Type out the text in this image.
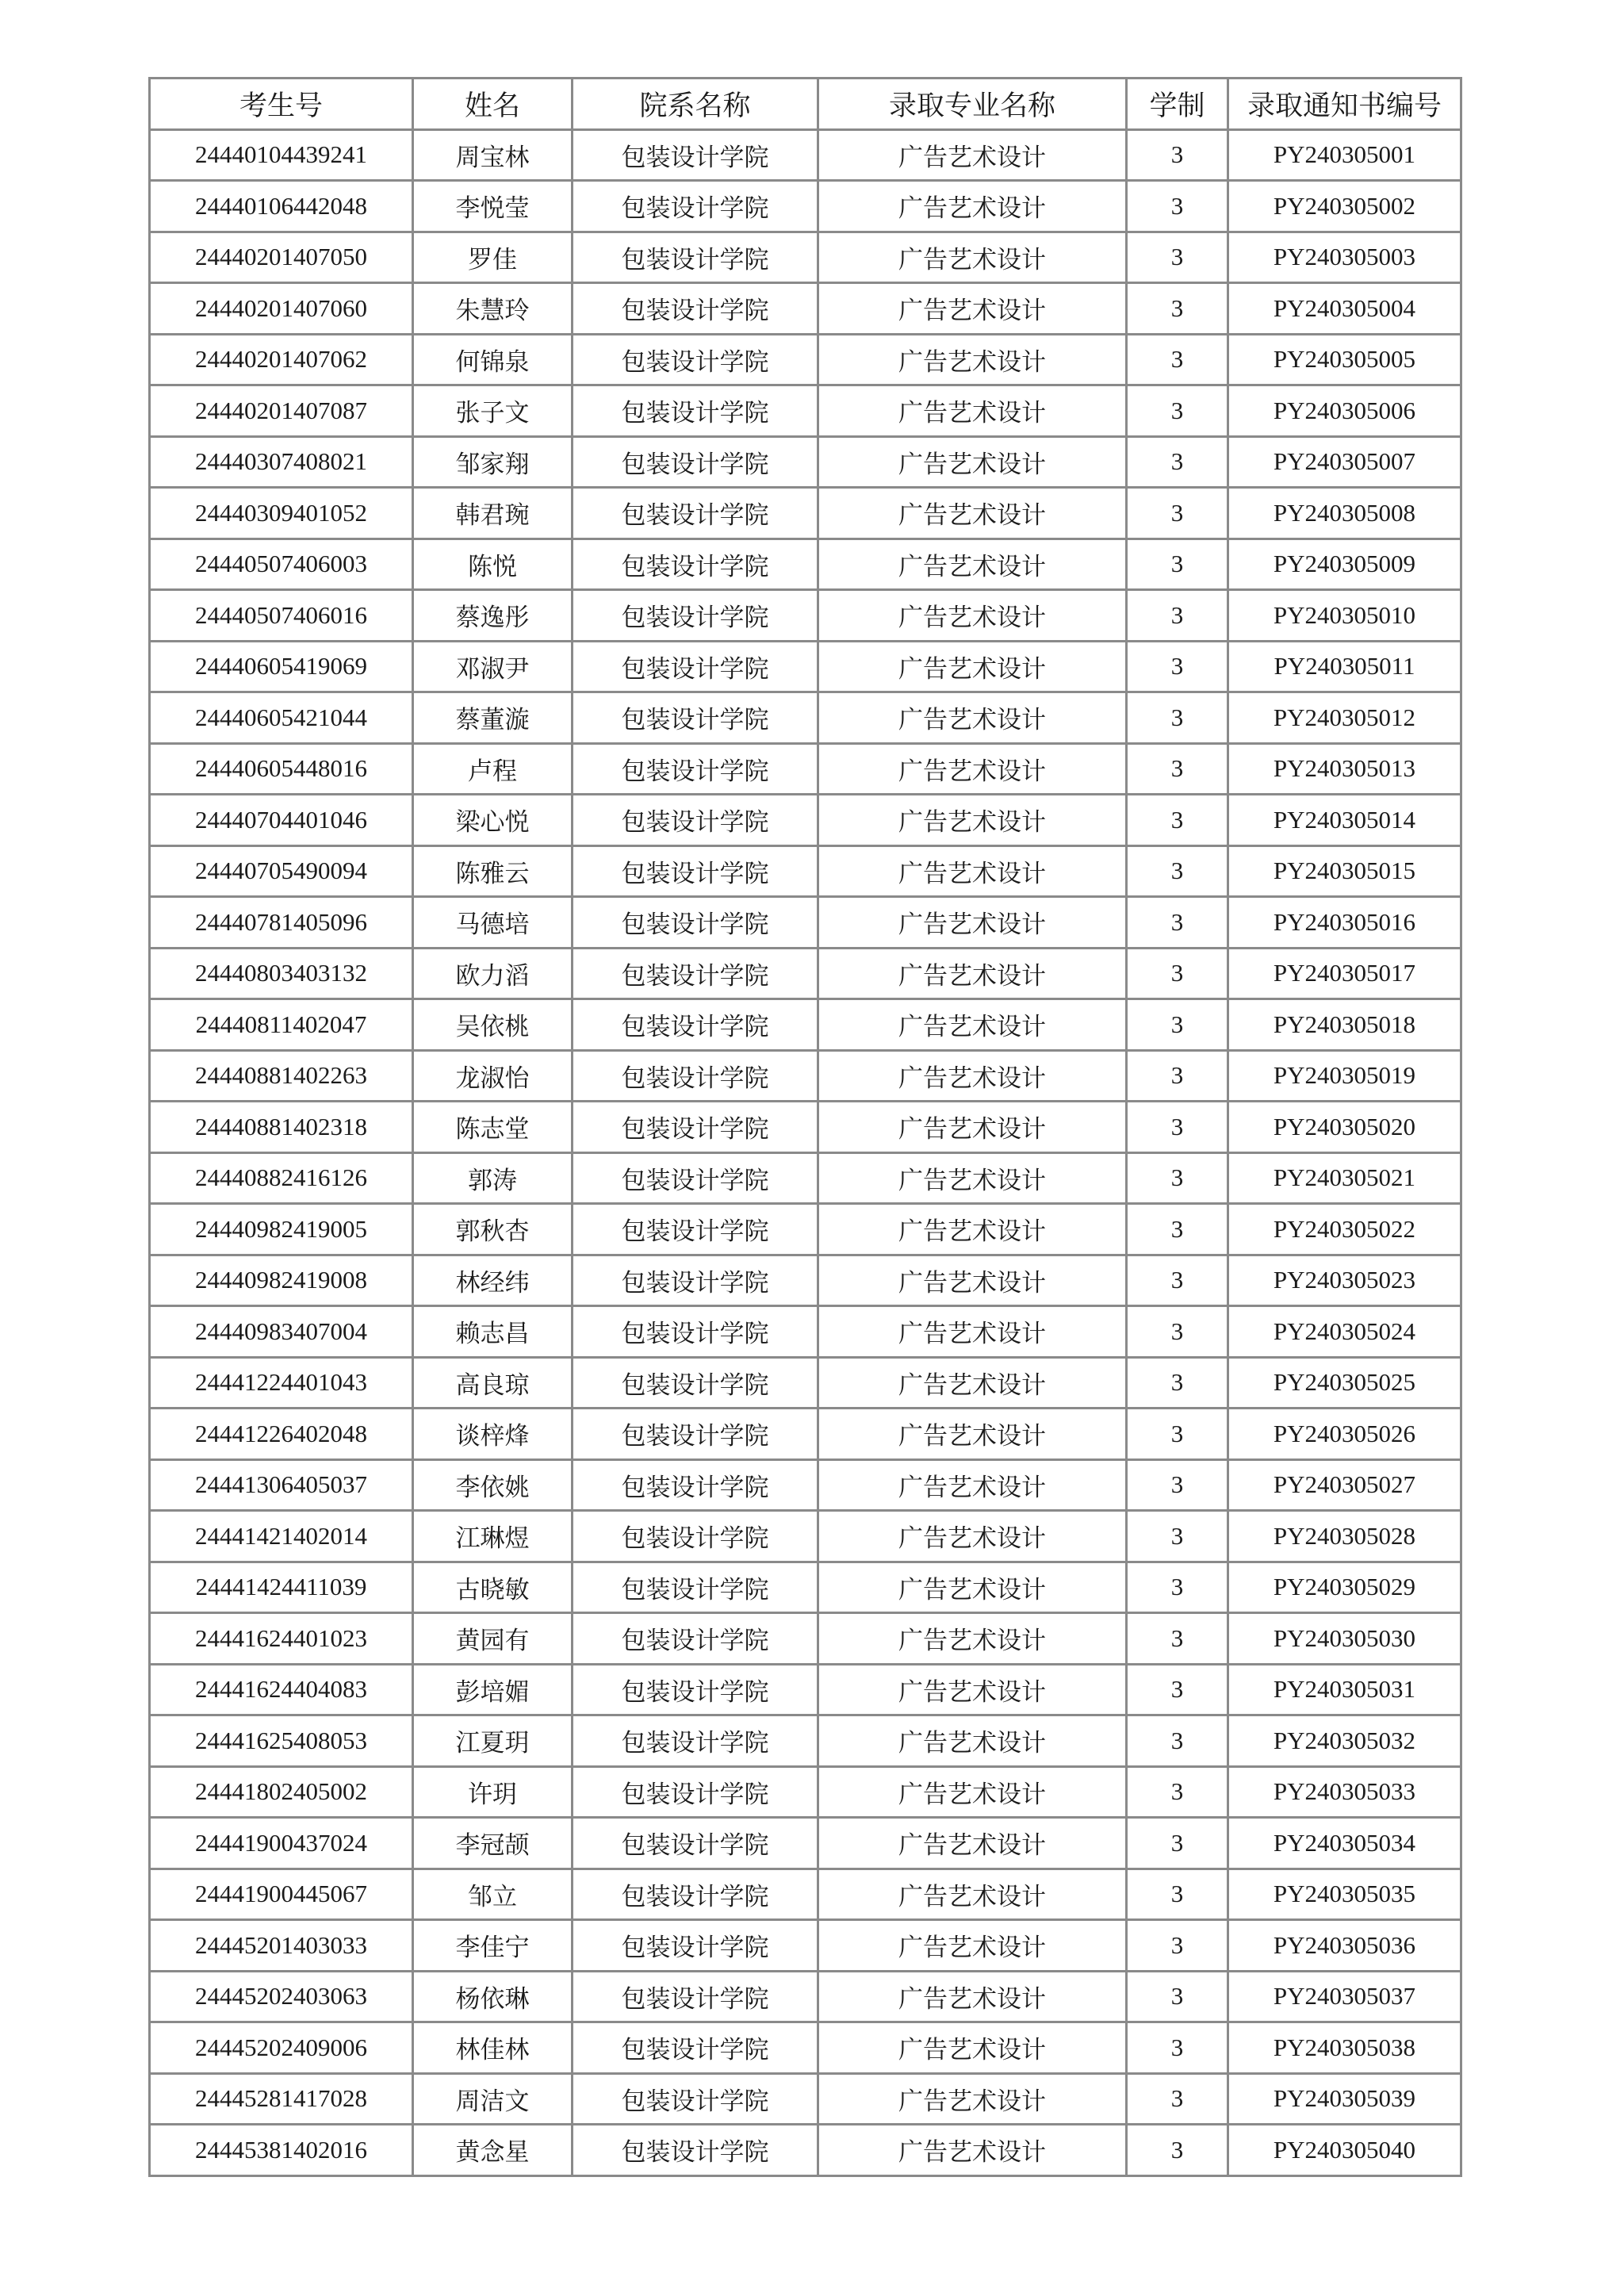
考生号	姓名	院系名称	录取专业名称	学制	录取通知书编号
24440104439241	周宝林	包装设计学院	广告艺术设计	3	PY240305001
24440106442048	李悦莹	包装设计学院	广告艺术设计	3	PY240305002
24440201407050	罗佳	包装设计学院	广告艺术设计	3	PY240305003
24440201407060	朱慧玲	包装设计学院	广告艺术设计	3	PY240305004
24440201407062	何锦泉	包装设计学院	广告艺术设计	3	PY240305005
24440201407087	张子文	包装设计学院	广告艺术设计	3	PY240305006
24440307408021	邹家翔	包装设计学院	广告艺术设计	3	PY240305007
24440309401052	韩君琬	包装设计学院	广告艺术设计	3	PY240305008
24440507406003	陈悦	包装设计学院	广告艺术设计	3	PY240305009
24440507406016	蔡逸彤	包装设计学院	广告艺术设计	3	PY240305010
24440605419069	邓淑尹	包装设计学院	广告艺术设计	3	PY240305011
24440605421044	蔡董漩	包装设计学院	广告艺术设计	3	PY240305012
24440605448016	卢程	包装设计学院	广告艺术设计	3	PY240305013
24440704401046	梁心悦	包装设计学院	广告艺术设计	3	PY240305014
24440705490094	陈雅云	包装设计学院	广告艺术设计	3	PY240305015
24440781405096	马德培	包装设计学院	广告艺术设计	3	PY240305016
24440803403132	欧力滔	包装设计学院	广告艺术设计	3	PY240305017
24440811402047	吴依桃	包装设计学院	广告艺术设计	3	PY240305018
24440881402263	龙淑怡	包装设计学院	广告艺术设计	3	PY240305019
24440881402318	陈志堂	包装设计学院	广告艺术设计	3	PY240305020
24440882416126	郭涛	包装设计学院	广告艺术设计	3	PY240305021
24440982419005	郭秋杏	包装设计学院	广告艺术设计	3	PY240305022
24440982419008	林经纬	包装设计学院	广告艺术设计	3	PY240305023
24440983407004	赖志昌	包装设计学院	广告艺术设计	3	PY240305024
24441224401043	高良琼	包装设计学院	广告艺术设计	3	PY240305025
24441226402048	谈梓烽	包装设计学院	广告艺术设计	3	PY240305026
24441306405037	李依姚	包装设计学院	广告艺术设计	3	PY240305027
24441421402014	江琳煜	包装设计学院	广告艺术设计	3	PY240305028
24441424411039	古晓敏	包装设计学院	广告艺术设计	3	PY240305029
24441624401023	黄园有	包装设计学院	广告艺术设计	3	PY240305030
24441624404083	彭培媚	包装设计学院	广告艺术设计	3	PY240305031
24441625408053	江夏玥	包装设计学院	广告艺术设计	3	PY240305032
24441802405002	许玥	包装设计学院	广告艺术设计	3	PY240305033
24441900437024	李冠颉	包装设计学院	广告艺术设计	3	PY240305034
24441900445067	邹立	包装设计学院	广告艺术设计	3	PY240305035
24445201403033	李佳宁	包装设计学院	广告艺术设计	3	PY240305036
24445202403063	杨依琳	包装设计学院	广告艺术设计	3	PY240305037
24445202409006	林佳林	包装设计学院	广告艺术设计	3	PY240305038
24445281417028	周洁文	包装设计学院	广告艺术设计	3	PY240305039
24445381402016	黄念星	包装设计学院	广告艺术设计	3	PY240305040
